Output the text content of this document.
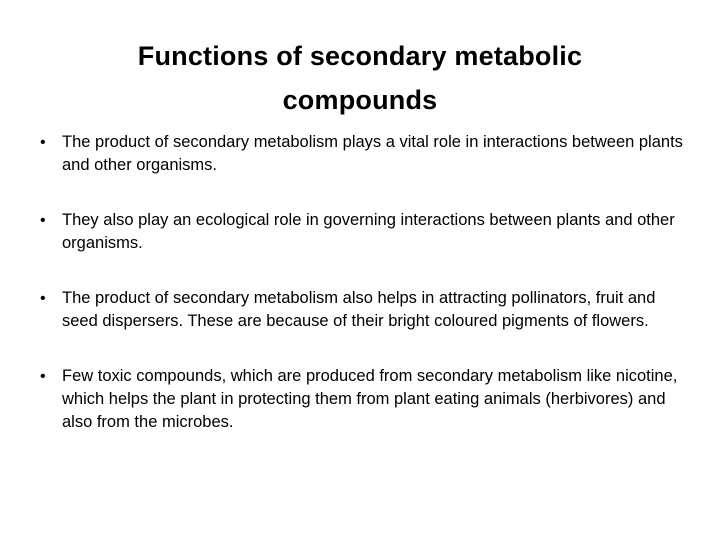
Functions of secondary metabolic
compounds
• The product of secondary metabolism plays a vital role in interactions between plants and other organisms.
• They also play an ecological role in governing interactions between plants and other organisms.
• The product of secondary metabolism also helps in attracting pollinators, fruit and seed dispersers. These are because of their bright coloured pigments of flowers.
• Few toxic compounds, which are produced from secondary metabolism like nicotine, which helps the plant in protecting them from plant eating animals (herbivores) and also from the microbes.
